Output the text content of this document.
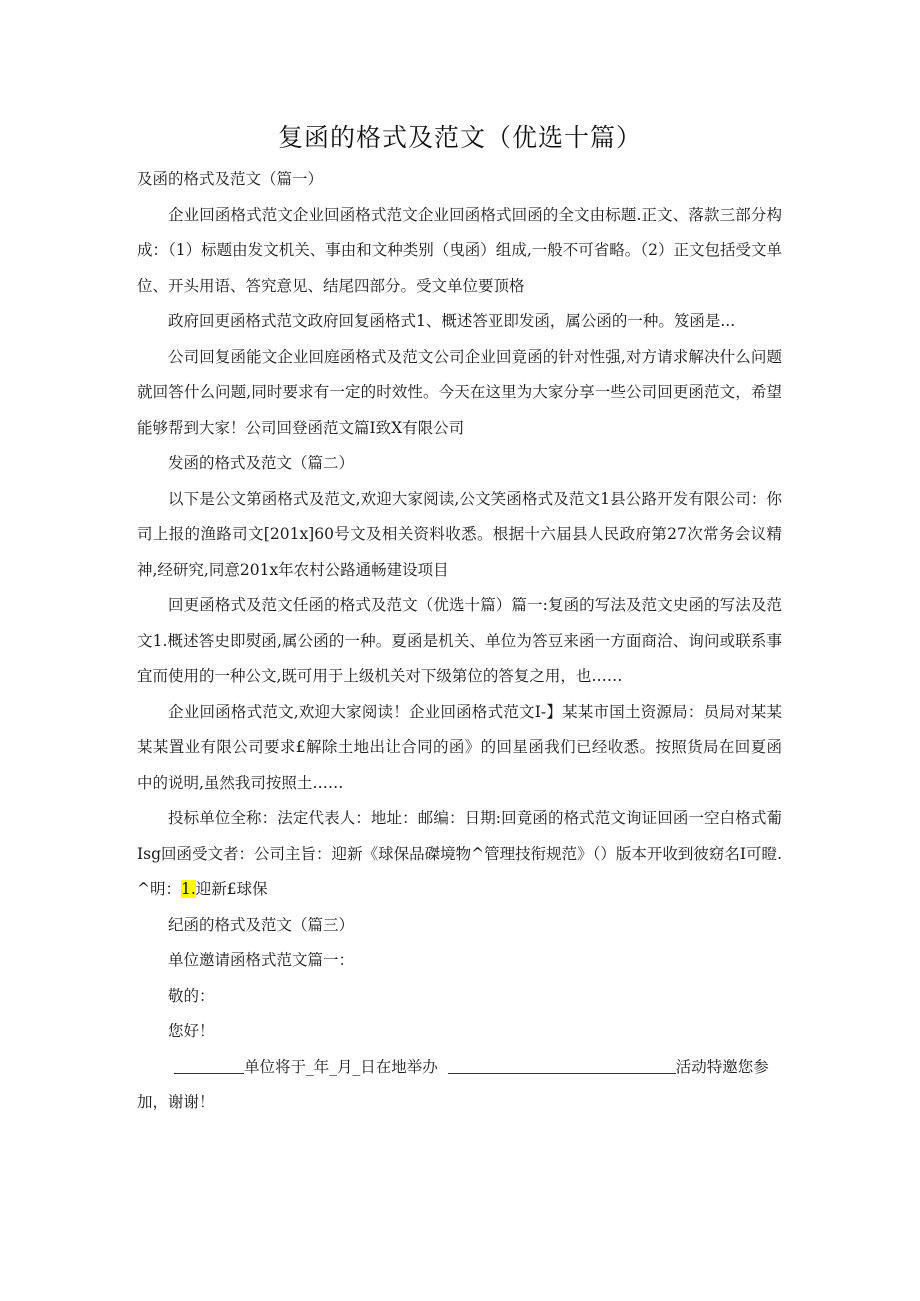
复函的格式及范文（优选十篇）

及函的格式及范文（篇一）

企业回函格式范文企业回函格式范文企业回函格式回函的全文由标题.正文、落款三部分构成：（1）标题由发文机关、事由和文种类别（曳函）组成,一般不可省略。（2）正文包括受文单位、开头用语、答究意见、结尾四部分。受文单位要顶格

政府回更函格式范文政府回复函格式1、概述答亚即发函，属公函的一种。笈函是...

公司回复函能文企业回庭函格式及范文公司企业回竟函的针对性强,对方请求解决什么问题就回答什么问题,同时要求有一定的时效性。今天在这里为大家分享一些公司回更函范文，希望能够帮到大家！公司回登函范文篇I致X有限公司

发函的格式及范文（篇二）

以下是公文第函格式及范文,欢迎大家阅读,公文笑函格式及范文1县公路开发有限公司：你司上报的渔路司文[201x]60号文及相关资料收悉。根据十六届县人民政府第27次常务会议精神,经研究,同意201x年农村公路通畅建设项目

回更函格式及范文任函的格式及范文（优选十篇）篇一:复函的写法及范文史函的写法及范文1.概述答史即熨函,属公函的一种。夏函是机关、单位为答豆来函一方面商洽、询问或联系事宜而使用的一种公文,既可用于上级机关对下级第位的答复之用，也……

企业回函格式范文,欢迎大家阅读！企业回函格式范文I-】某某市国土资源局：员局对某某某某置业有限公司要求£解除土地出让合同的函》的回星函我们已经收悉。按照货局在回夏函中的说明,虽然我司按照土……

投标单位全称：法定代表人：地址：邮编：日期:回竟函的格式范文询证回函一空白格式葡Isg回函受文者：公司主旨：迎新《球保品磔境物^管理技衔规范》（）版本开收到彼窈名I可瞪.^明：1.迎新£球保

纪函的格式及范文（篇三）

单位邀请函格式范文篇一：

敬的：

您好！

单位将于_年_月_日在地举办	活动特邀您参

加，谢谢！
